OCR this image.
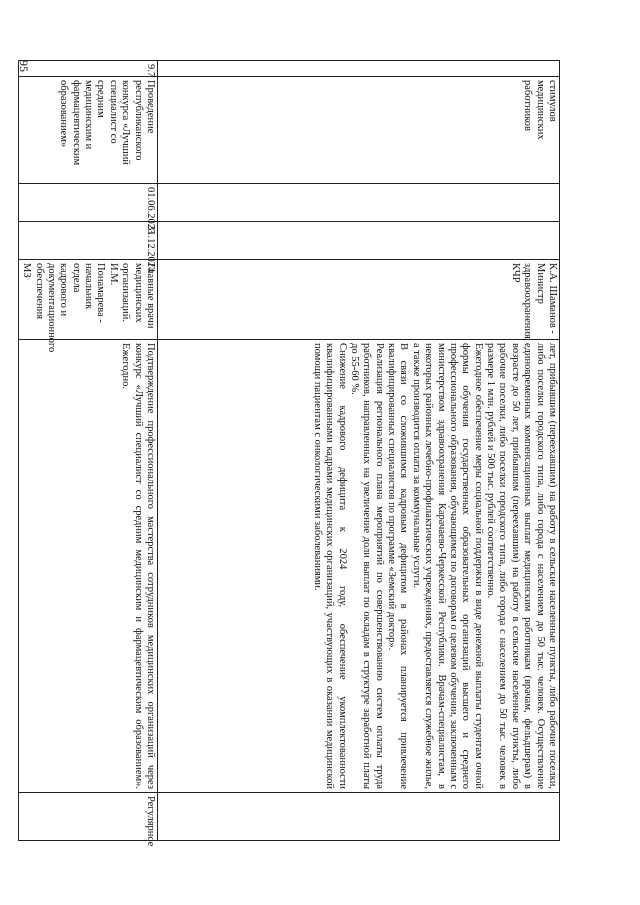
95
	стимулов медицинских работников			К.А. Шаманов - Министр здравоохранения КЧР	лет, прибывшим (переехавшим) на работу в сельские населенные пункты, либо рабочие поселки, либо поселки городского типа, либо города с населением до 50 тыс. человек. Осуществление единовременных компенсационных выплат медицинским работникам (врачам, фельдшерам) в возрасте до 50 лет, прибывшим (переехавшим) на работу в сельские населенные пункты, либо рабочие поселки, либо поселки городского типа, либо города с населением до 50 тыс. человек в размере 1 млн. рублей и 500 тыс. рублей соответственно.

Ежегодное обеспечение меры социальной поддержки в виде денежной выплаты студентам очной формы обучения государственных образовательных организаций высшего и среднего профессионального образования, обучающимся по договорам о целевом обучении, заключенным с министерством здравоохранения Карачаево-Черкесской Республики. Врачам-специалистам, в некоторых районных лечебно-профилактических учреждениях, предоставляется служебное жилье, а также производится оплата за коммунальные услуги.

В связи со сложившимся кадровым дефицитом в районах планируется привлечение квалифицированных специалистов по программе «Земский доктор».

Реализация регионального плана мероприятий по совершенствованию систем оплаты труда работников, направленных на увеличение доли выплат по окладам в структуре заработной платы до 55-60 %.

Снижение кадрового дефицита к 2024 году, обеспечение укомплектованности квалифицированными кадрами медицинских организаций, участвующих в оказании медицинской помощи пациентам с онкологическими заболеваниями.	

9.7	Проведение республиканского конкурса «Лучший специалист со средним медицинским и фармацевтическим образованием»	01.06.2023	31.12.2024	Главные врачи медицинских организаций. И.М. Понамарева - начальник отдела кадрового и документационного обеспечения МЗ	Подтверждение профессионального мастерства сотрудников медицинских организаций через конкурс «Лучший специалист со средним медицинским и фармацевтическим образованием». Ежегодно.	Регулярное
